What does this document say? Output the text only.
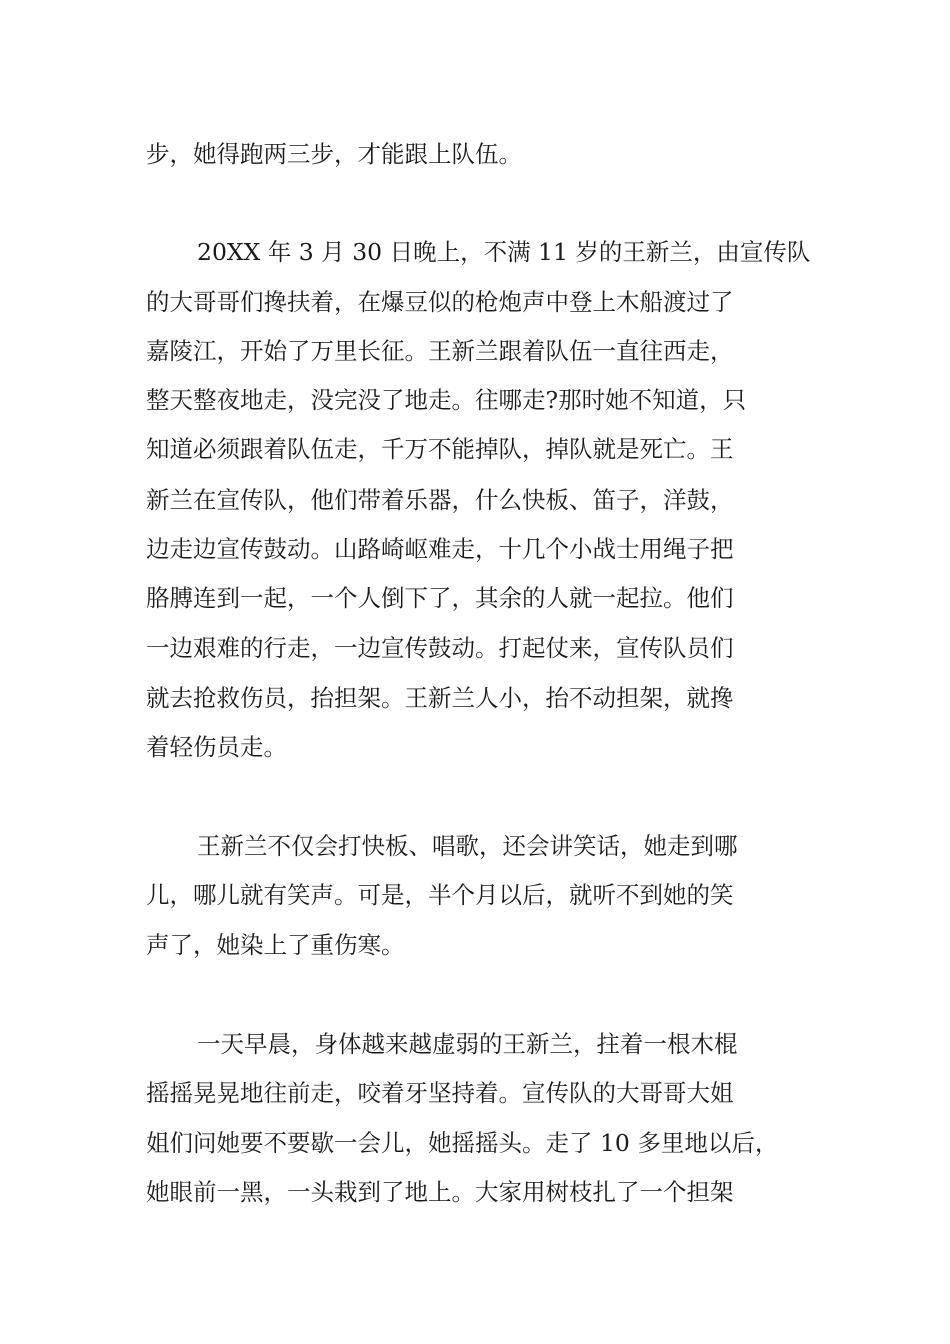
步，她得跑两三步，才能跟上队伍。
20XX 年 3 月 30 日晚上，不满 11 岁的王新兰，由宣传队
的大哥哥们搀扶着，在爆豆似的枪炮声中登上木船渡过了
嘉陵江，开始了万里长征。王新兰跟着队伍一直往西走，
整天整夜地走，没完没了地走。往哪走?那时她不知道，只
知道必须跟着队伍走，千万不能掉队，掉队就是死亡。王
新兰在宣传队，他们带着乐器，什么快板、笛子，洋鼓，
边走边宣传鼓动。山路崎岖难走，十几个小战士用绳子把
胳膊连到一起，一个人倒下了，其余的人就一起拉。他们
一边艰难的行走，一边宣传鼓动。打起仗来，宣传队员们
就去抢救伤员，抬担架。王新兰人小，抬不动担架，就搀
着轻伤员走。
王新兰不仅会打快板、唱歌，还会讲笑话，她走到哪
儿，哪儿就有笑声。可是，半个月以后，就听不到她的笑
声了，她染上了重伤寒。
一天早晨，身体越来越虚弱的王新兰，拄着一根木棍
摇摇晃晃地往前走，咬着牙坚持着。宣传队的大哥哥大姐
姐们问她要不要歇一会儿，她摇摇头。走了 10 多里地以后，
她眼前一黑，一头栽到了地上。大家用树枝扎了一个担架
